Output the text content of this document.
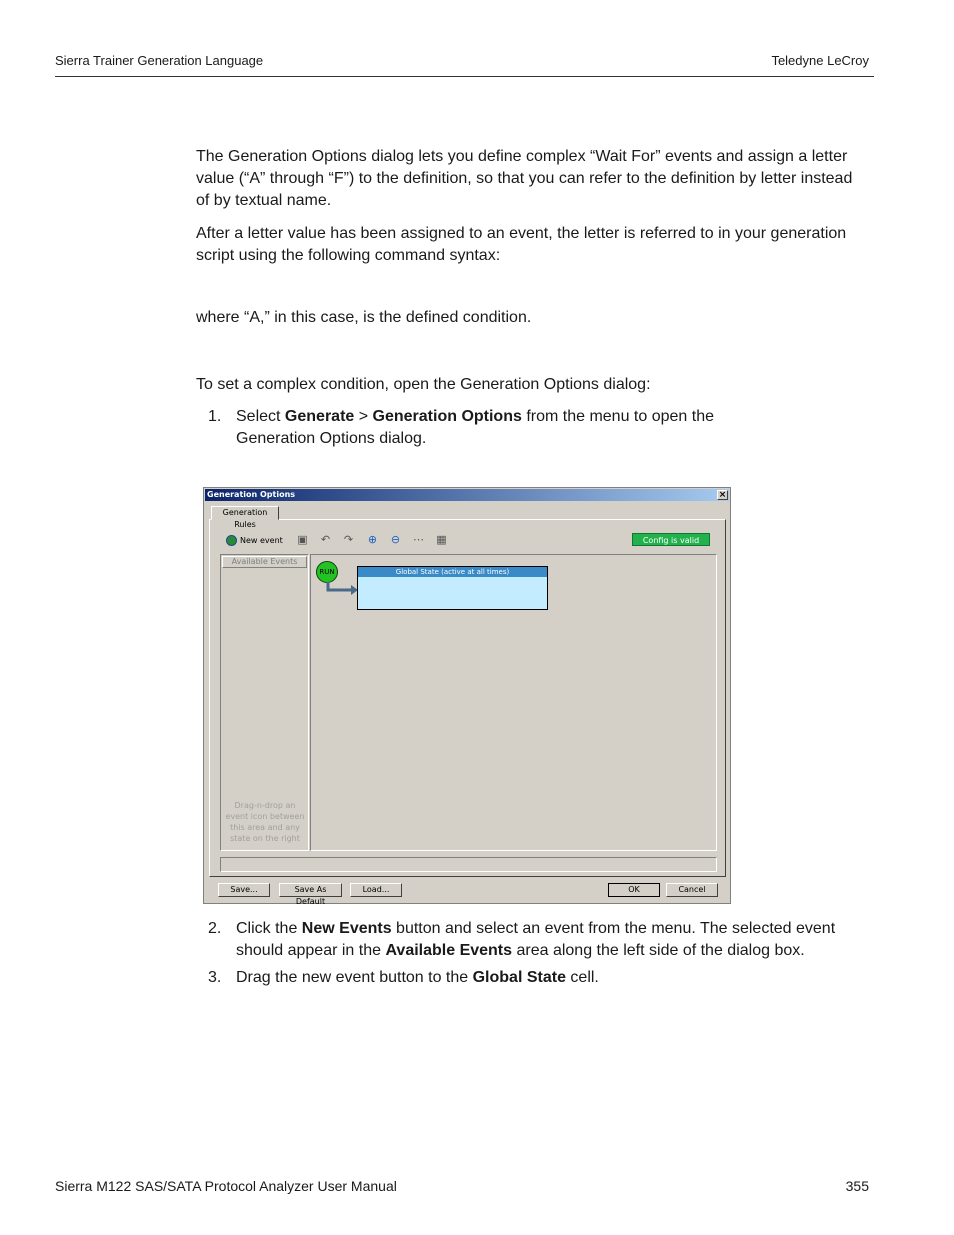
Sierra Trainer Generation Language	Teledyne LeCroy

The Generation Options dialog lets you define complex “Wait For” events and assign a letter value (“A” through “F”) to the definition, so that you can refer to the definition by letter instead of by textual name.

After a letter value has been assigned to an event, the letter is referred to in your generation script using the following command syntax:

where “A,” in this case, is the defined condition.

To set a complex condition, open the Generation Options dialog:

1. Select Generate > Generation Options from the menu to open the Generation Options dialog.
Generation Options	×
Generation Rules
New event ▣ ↶ ↷ ⊕ ⊖ ⋯ ▦	Config is valid
Available Events
Drag-n-drop an event icon between this area and any state on the right
RUN	Global State (active at all times)
Save...	Save As Default
Load...	OK	Cancel
2. Click the New Events button and select an event from the menu. The selected event should appear in the Available Events area along the left side of the dialog box.
3. Drag the new event button to the Global State cell.
Sierra M122 SAS/SATA Protocol Analyzer User Manual	355
